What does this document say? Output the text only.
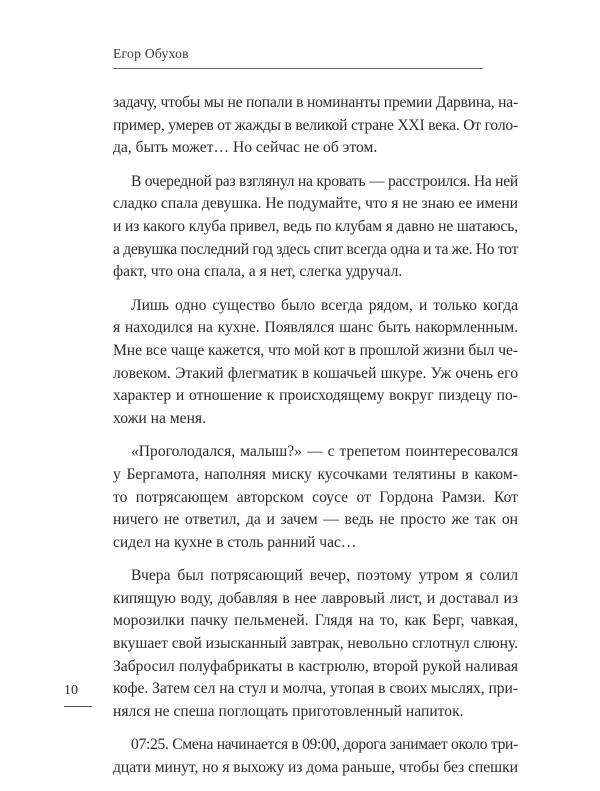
Егор Обухов
задачу, чтобы мы не попали в номинанты премии Дарвина, на-
пример, умерев от жажды в великой стране XXI века. От голо-
да, быть может… Но сейчас не об этом.
В очередной раз взглянул на кровать — расстроился. На ней
сладко спала девушка. Не подумайте, что я не знаю ее имени
и из какого клуба привел, ведь по клубам я давно не шатаюсь,
а девушка последний год здесь спит всегда одна и та же. Но тот
факт, что она спала, а я нет, слегка удручал.
Лишь одно существо было всегда рядом, и только когда
я находился на кухне. Появлялся шанс быть накормленным.
Мне все чаще кажется, что мой кот в прошлой жизни был че-
ловеком. Этакий флегматик в кошачьей шкуре. Уж очень его
характер и отношение к происходящему вокруг пиздецу по-
хожи на меня.
«Проголодался, малыш?» — с трепетом поинтересовался
у Бергамота, наполняя миску кусочками телятины в каком-
то потрясающем авторском соусе от Гордона Рамзи. Кот
ничего не ответил, да и зачем — ведь не просто же так он
сидел на кухне в столь ранний час…
Вчера был потрясающий вечер, поэтому утром я солил
кипящую воду, добавляя в нее лавровый лист, и доставал из
морозилки пачку пельменей. Глядя на то, как Берг, чавкая,
вкушает свой изысканный завтрак, невольно сглотнул слюну.
Забросил полуфабрикаты в кастрюлю, второй рукой наливая
кофе. Затем сел на стул и молча, утопая в своих мыслях, при-
нялся не спеша поглощать приготовленный напиток.
07:25. Смена начинается в 09:00, дорога занимает около три-
дцати минут, но я выхожу из дома раньше, чтобы без спешки
10
